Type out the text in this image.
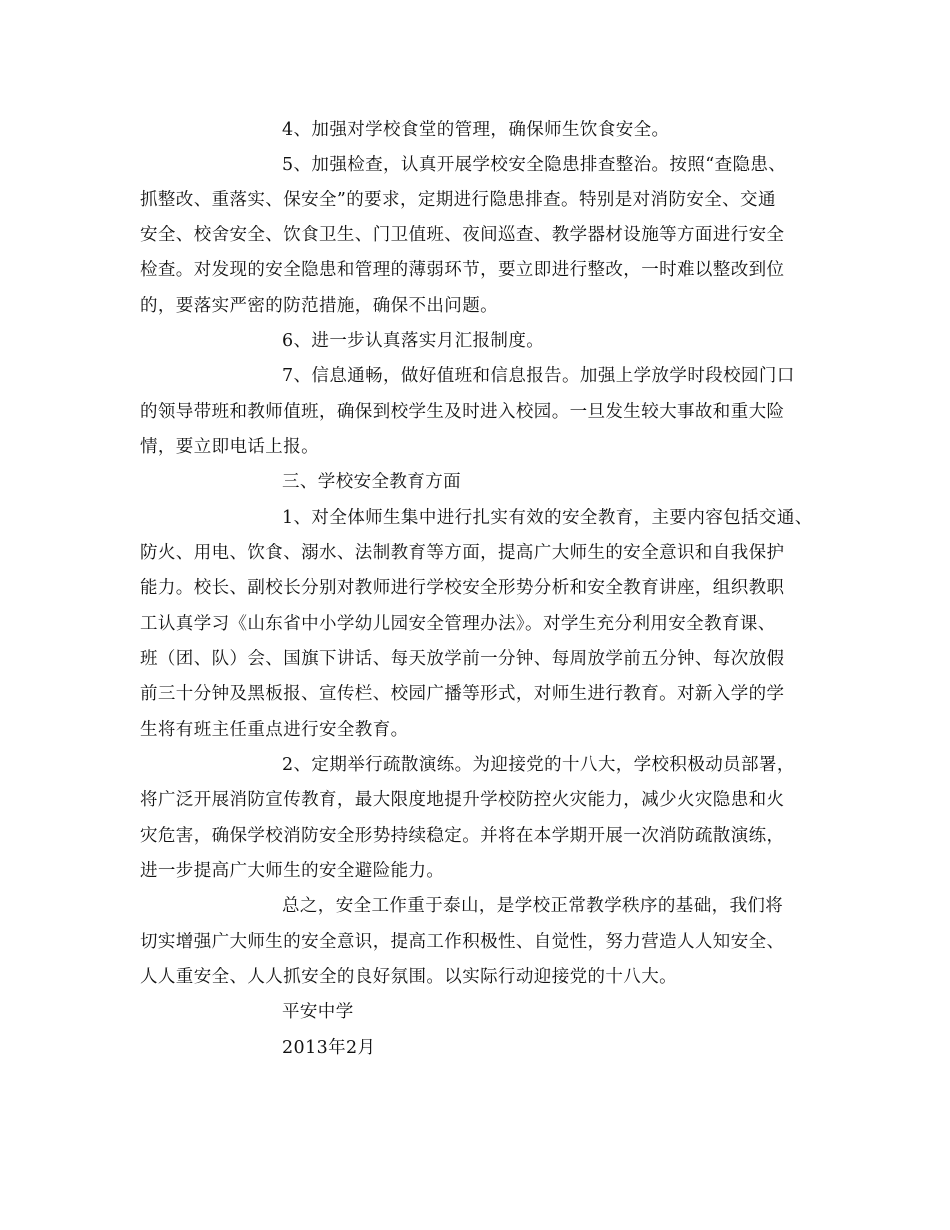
4、加强对学校食堂的管理，确保师生饮食安全。
5、加强检查，认真开展学校安全隐患排查整治。按照“查隐患、
抓整改、重落实、保安全”的要求，定期进行隐患排查。特别是对消防安全、交通
安全、校舍安全、饮食卫生、门卫值班、夜间巡查、教学器材设施等方面进行安全
检查。对发现的安全隐患和管理的薄弱环节，要立即进行整改，一时难以整改到位
的，要落实严密的防范措施，确保不出问题。
6、进一步认真落实月汇报制度。
7、信息通畅，做好值班和信息报告。加强上学放学时段校园门口
的领导带班和教师值班，确保到校学生及时进入校园。一旦发生较大事故和重大险
情，要立即电话上报。
三、学校安全教育方面
1、对全体师生集中进行扎实有效的安全教育，主要内容包括交通、
防火、用电、饮食、溺水、法制教育等方面，提高广大师生的安全意识和自我保护
能力。校长、副校长分别对教师进行学校安全形势分析和安全教育讲座，组织教职
工认真学习《山东省中小学幼儿园安全管理办法》。对学生充分利用安全教育课、
班（团、队）会、国旗下讲话、每天放学前一分钟、每周放学前五分钟、每次放假
前三十分钟及黑板报、宣传栏、校园广播等形式，对师生进行教育。对新入学的学
生将有班主任重点进行安全教育。
2、定期举行疏散演练。为迎接党的十八大，学校积极动员部署，
将广泛开展消防宣传教育，最大限度地提升学校防控火灾能力，减少火灾隐患和火
灾危害，确保学校消防安全形势持续稳定。并将在本学期开展一次消防疏散演练，
进一步提高广大师生的安全避险能力。
总之，安全工作重于泰山，是学校正常教学秩序的基础，我们将
切实增强广大师生的安全意识，提高工作积极性、自觉性，努力营造人人知安全、
人人重安全、人人抓安全的良好氛围。以实际行动迎接党的十八大。
平安中学
2013年2月
